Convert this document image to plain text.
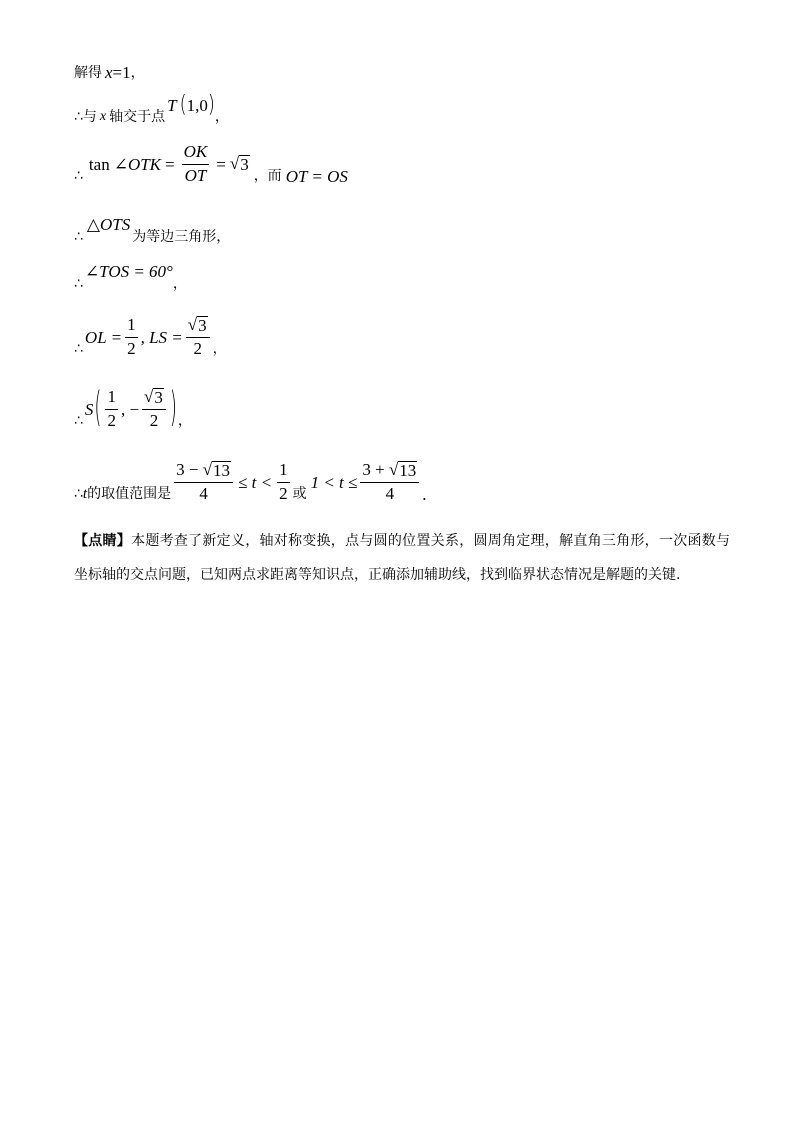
解得 x =1 ，
∴ 与 x 轴交于点
T ( 1,0 ) ，
∴
tan ∠OTK = $\frac{OK}{OT}$ = √ 3
，而 OT = OS
∴
△OTS
为等边三角形，
∴
∠TOS = 60°
，
∴
OL = $\frac{1}{2}$ , LS = $\frac{√ 3}{2}$ ，
∴
S ( $\frac{1}{2}$ , − $\frac{√ 3}{2}$ ) ，
∴ t 的取值范围是 $\frac{3 - √ 13}{4} \le t < \frac{1}{2}$ 或
$1 < t \le \frac{3 + √ 13}{4}$ .
【点睛】本题考查了新定义，轴对称变换，点与圆的位置关系，圆周角定理，解直角三角形，一次函数与坐标轴的交点问题，已知两点求距离等知识点，正确添加辅助线，找到临界状态情况是解题的关键.
